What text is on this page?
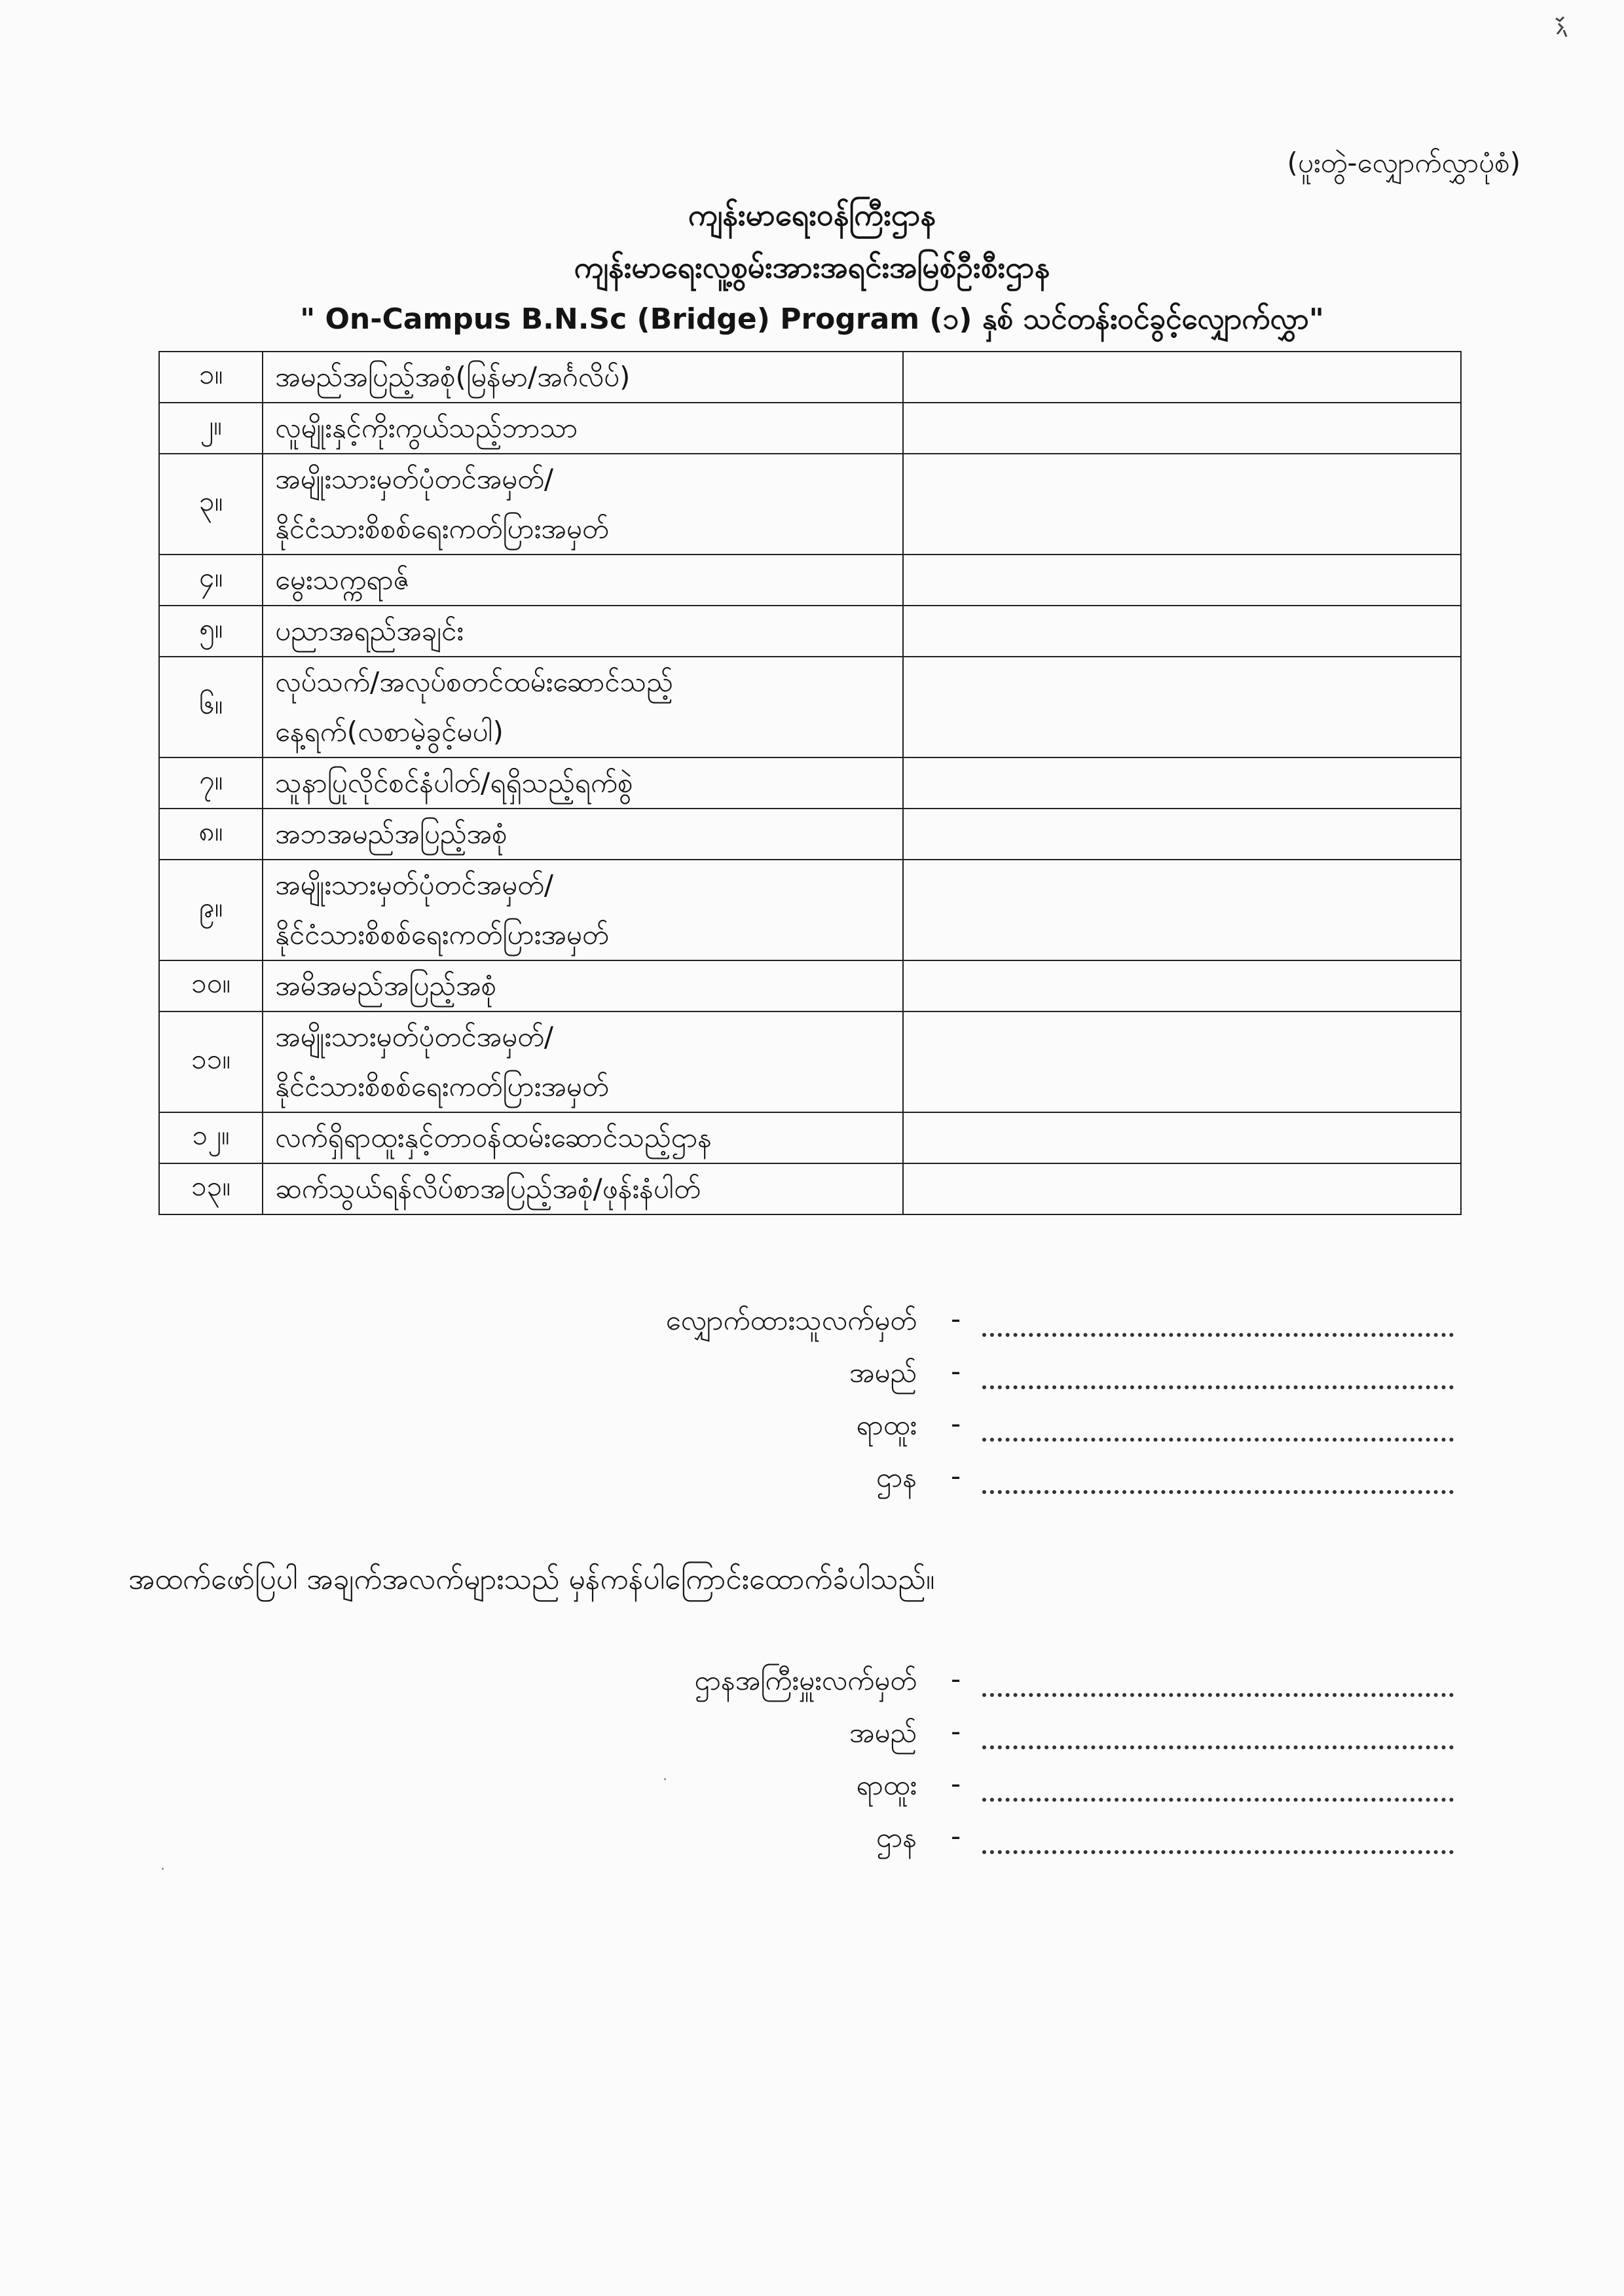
(ပူးတွဲ-လျှောက်လွှာပုံစံ)
ကျန်းမာရေးဝန်ကြီးဌာန
ကျန်းမာရေးလူ့စွမ်းအားအရင်းအမြစ်ဦးစီးဌာန
" On-Campus B.N.Sc (Bridge) Program (၁) နှစ် သင်တန်းဝင်ခွင့်လျှောက်လွှာ"
၁။	အမည်အပြည့်အစုံ(မြန်မာ/အင်္ဂလိပ်)	
၂။	လူမျိုးနှင့်ကိုးကွယ်သည့်ဘာသာ	
၃။	အမျိုးသားမှတ်ပုံတင်အမှတ်/
နိုင်ငံသားစိစစ်ရေးကတ်ပြားအမှတ်	
၄။	မွေးသက္ကရာဇ်	
၅။	ပညာအရည်အချင်း	
၆။	လုပ်သက်/အလုပ်စတင်ထမ်းဆောင်သည့်
နေ့ရက်(လစာမဲ့ခွင့်မပါ)	
၇။	သူနာပြုလိုင်စင်နံပါတ်/ရရှိသည့်ရက်စွဲ	
၈။	အဘအမည်အပြည့်အစုံ	
၉။	အမျိုးသားမှတ်ပုံတင်အမှတ်/
နိုင်ငံသားစိစစ်ရေးကတ်ပြားအမှတ်	
၁၀။	အမိအမည်အပြည့်အစုံ	
၁၁။	အမျိုးသားမှတ်ပုံတင်အမှတ်/
နိုင်ငံသားစိစစ်ရေးကတ်ပြားအမှတ်	
၁၂။	လက်ရှိရာထူးနှင့်တာဝန်ထမ်းဆောင်သည့်ဌာန	
၁၃။	ဆက်သွယ်ရန်လိပ်စာအပြည့်အစုံ/ဖုန်းနံပါတ်	
လျှောက်ထားသူလက်မှတ် -
အမည် -
ရာထူး -
ဌာန -
အထက်ဖော်ပြပါ အချက်အလက်များသည် မှန်ကန်ပါကြောင်းထောက်ခံပါသည်။
ဌာနအကြီးမှူးလက်မှတ် -
အမည် -
ရာထူး -
ဌာန -
